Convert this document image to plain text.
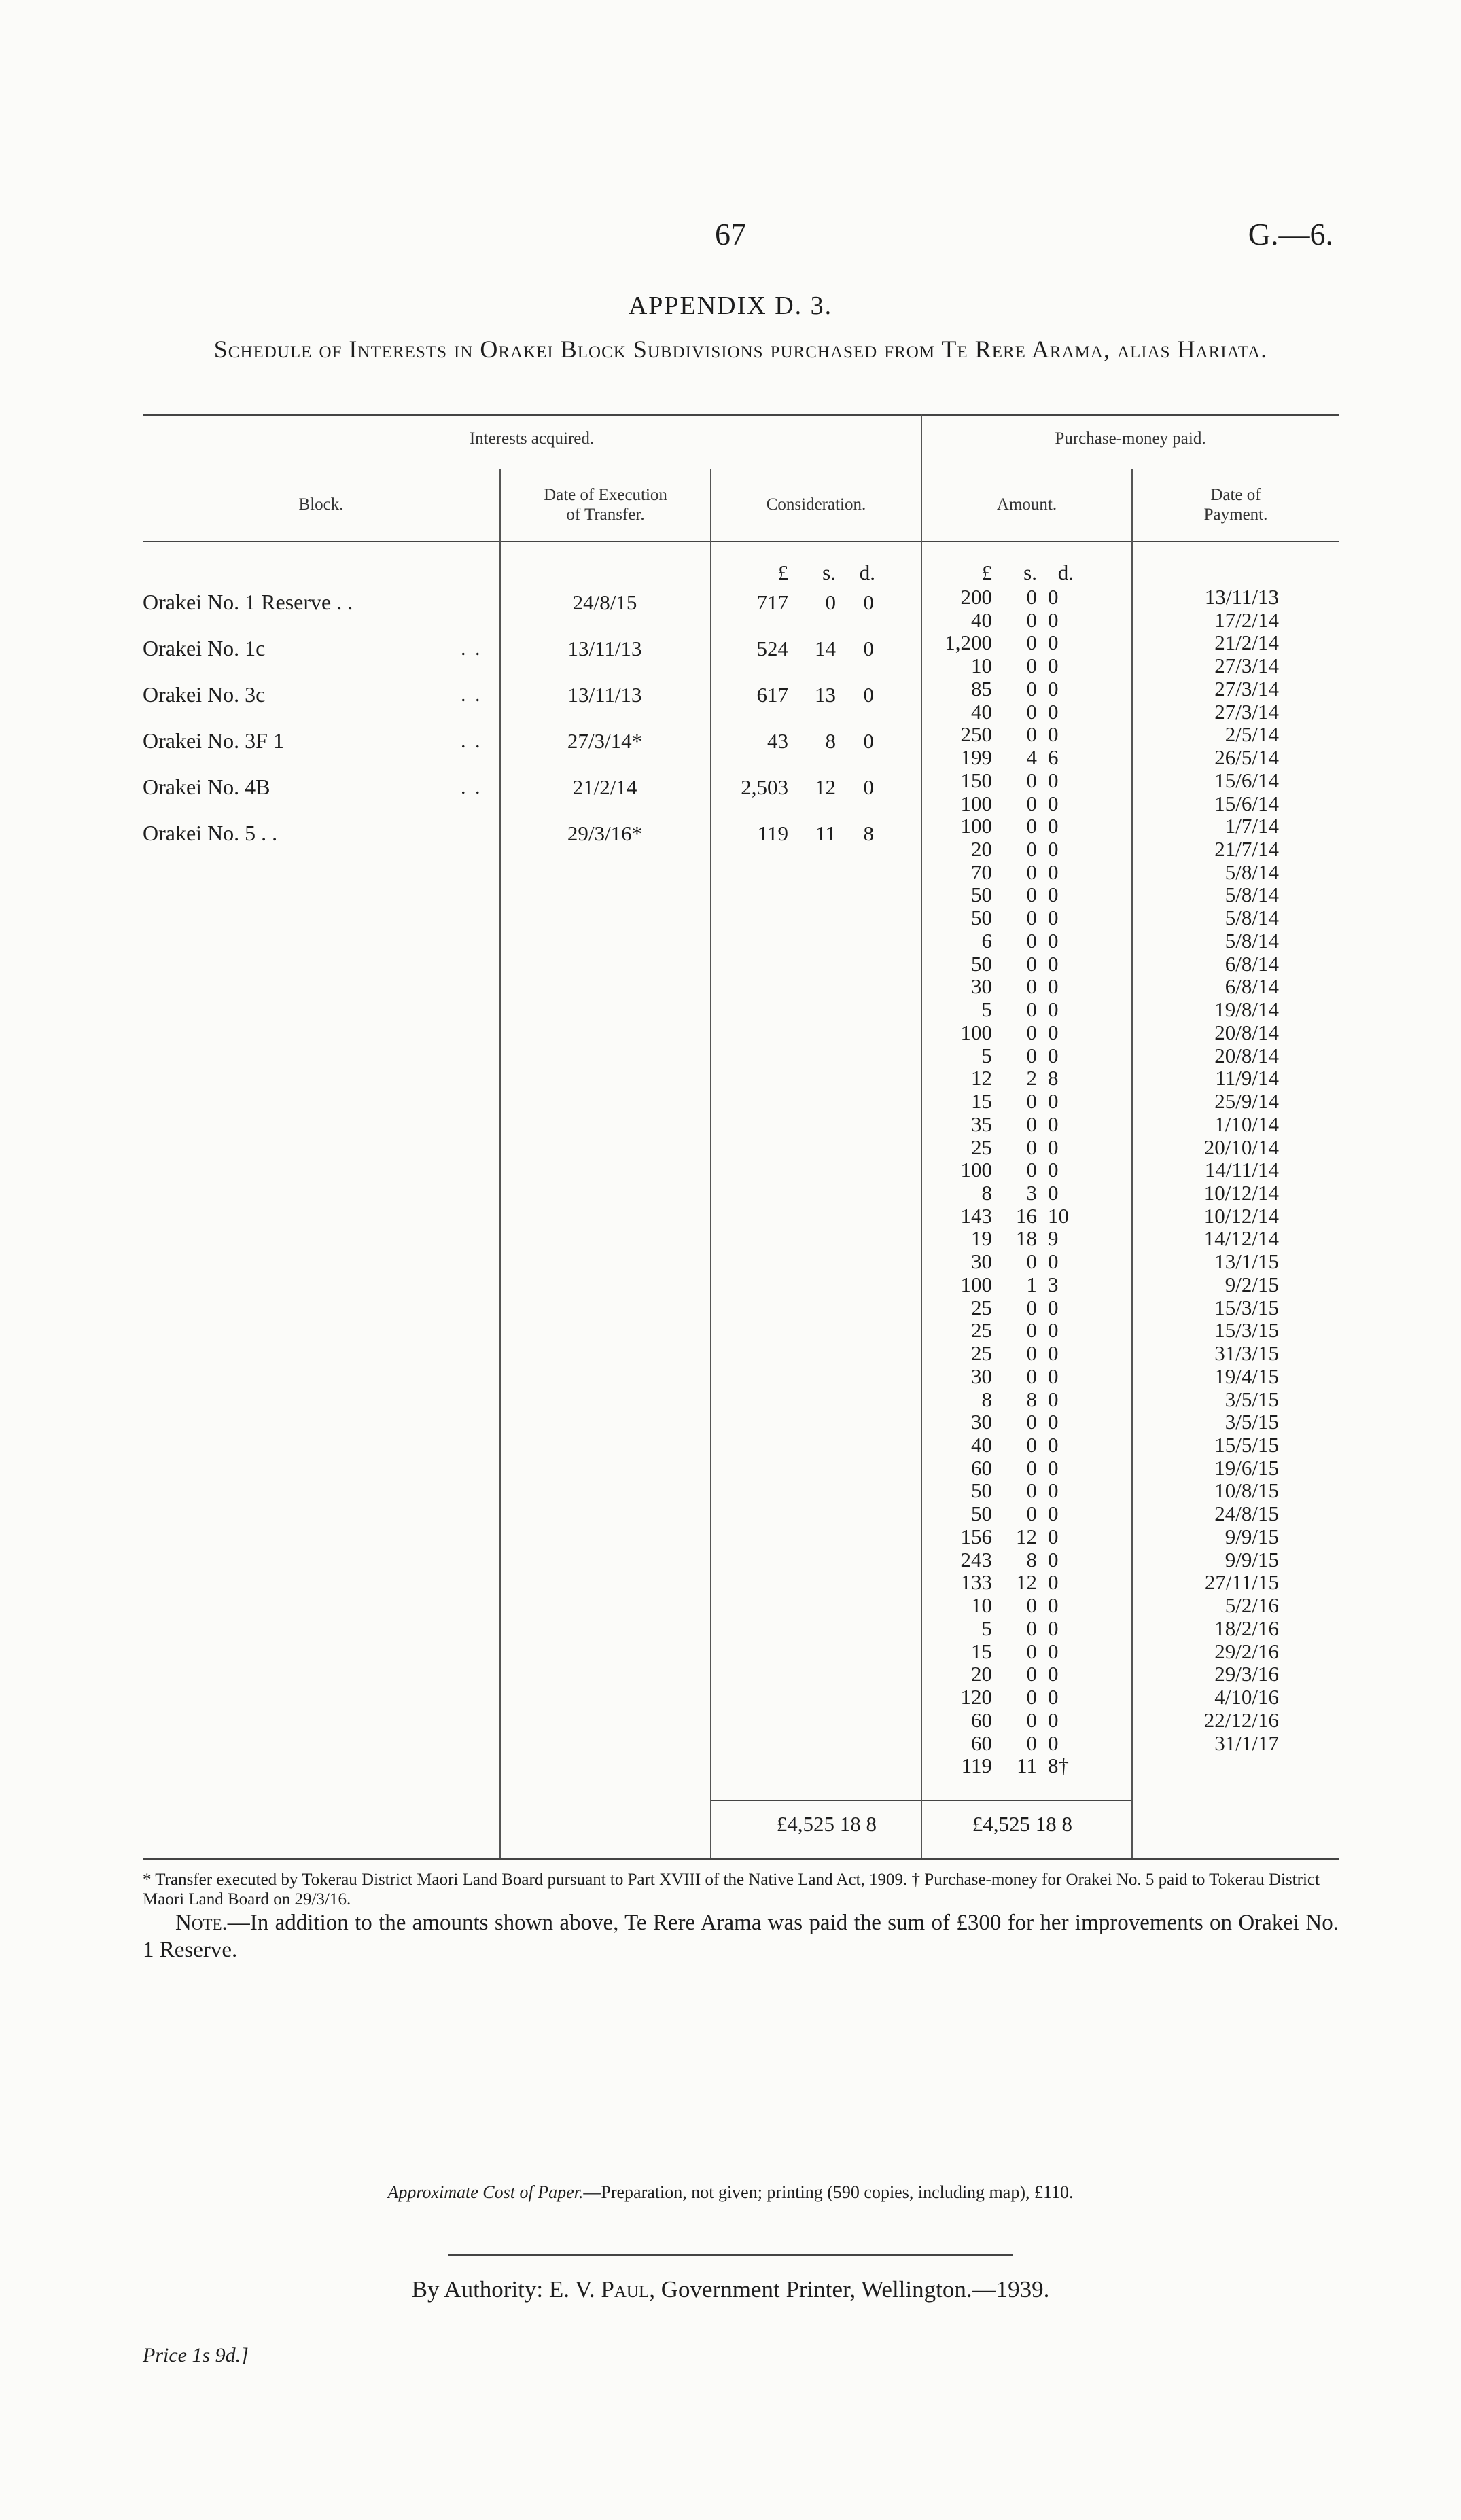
67	G.—6.
APPENDIX D. 3.
Schedule of Interests in Orakei Block Subdivisions purchased from Te Rere Arama, alias Hariata.
Interests acquired.	Purchase-money paid.
Block.
Date of Execution
of Transfer.
Consideration.	Amount.
Date of
Payment.
£	s.	d.	£	s. d.
Orakei No. 1 Reserve . .	24/8/15	717	0	0
Orakei No. 1c	. .	13/11/13	524	14	0
Orakei No. 3c	. .	13/11/13	617	13	0
Orakei No. 3F 1	. .	27/3/14*	43	8	0
Orakei No. 4B	. .	21/2/14	2,503	12	0
Orakei No. 5 . .	29/3/16*	119	11	8
200	0 0	13/11/13
40	0 0	17/2/14
1,200	0 0	21/2/14
10	0 0	27/3/14
85	0 0	27/3/14
40	0 0	27/3/14
250	0 0	2/5/14
199	4 6	26/5/14
150	0 0	15/6/14
100	0 0	15/6/14
100	0 0	1/7/14
20	0 0	21/7/14
70	0 0	5/8/14
50	0 0	5/8/14
50	0 0	5/8/14
6	0 0	5/8/14
50	0 0	6/8/14
30	0 0	6/8/14
5	0 0	19/8/14
100	0 0	20/8/14
5	0 0	20/8/14
12	2 8	11/9/14
15	0 0	25/9/14
35	0 0	1/10/14
25	0 0	20/10/14
100	0 0	14/11/14
8	3 0	10/12/14
143	16 10	10/12/14
19	18 9	14/12/14
30	0 0	13/1/15
100	1 3	9/2/15
25	0 0	15/3/15
25	0 0	15/3/15
25	0 0	31/3/15
30	0 0	19/4/15
8	8 0	3/5/15
30	0 0	3/5/15
40	0 0	15/5/15
60	0 0	19/6/15
50	0 0	10/8/15
50	0 0	24/8/15
156	12 0	9/9/15
243	8 0	9/9/15
133	12 0	27/11/15
10	0 0	5/2/16
5	0 0	18/2/16
15	0 0	29/2/16
20	0 0	29/3/16
120	0 0	4/10/16
60	0 0	22/12/16
60	0 0	31/1/17
119	11 8†
£4,525 18 8	£4,525 18 8
* Transfer executed by Tokerau District Maori Land Board pursuant to Part XVIII of the Native Land Act, 1909. † Purchase-money for Orakei No. 5 paid to Tokerau District Maori Land Board on 29/3/16.
Note.—In addition to the amounts shown above, Te Rere Arama was paid the sum of £300 for her improvements on Orakei No. 1 Reserve.
Approximate Cost of Paper.—Preparation, not given; printing (590 copies, including map), £110.
By Authority: E. V. Paul, Government Printer, Wellington.—1939.
Price 1s 9d.]
